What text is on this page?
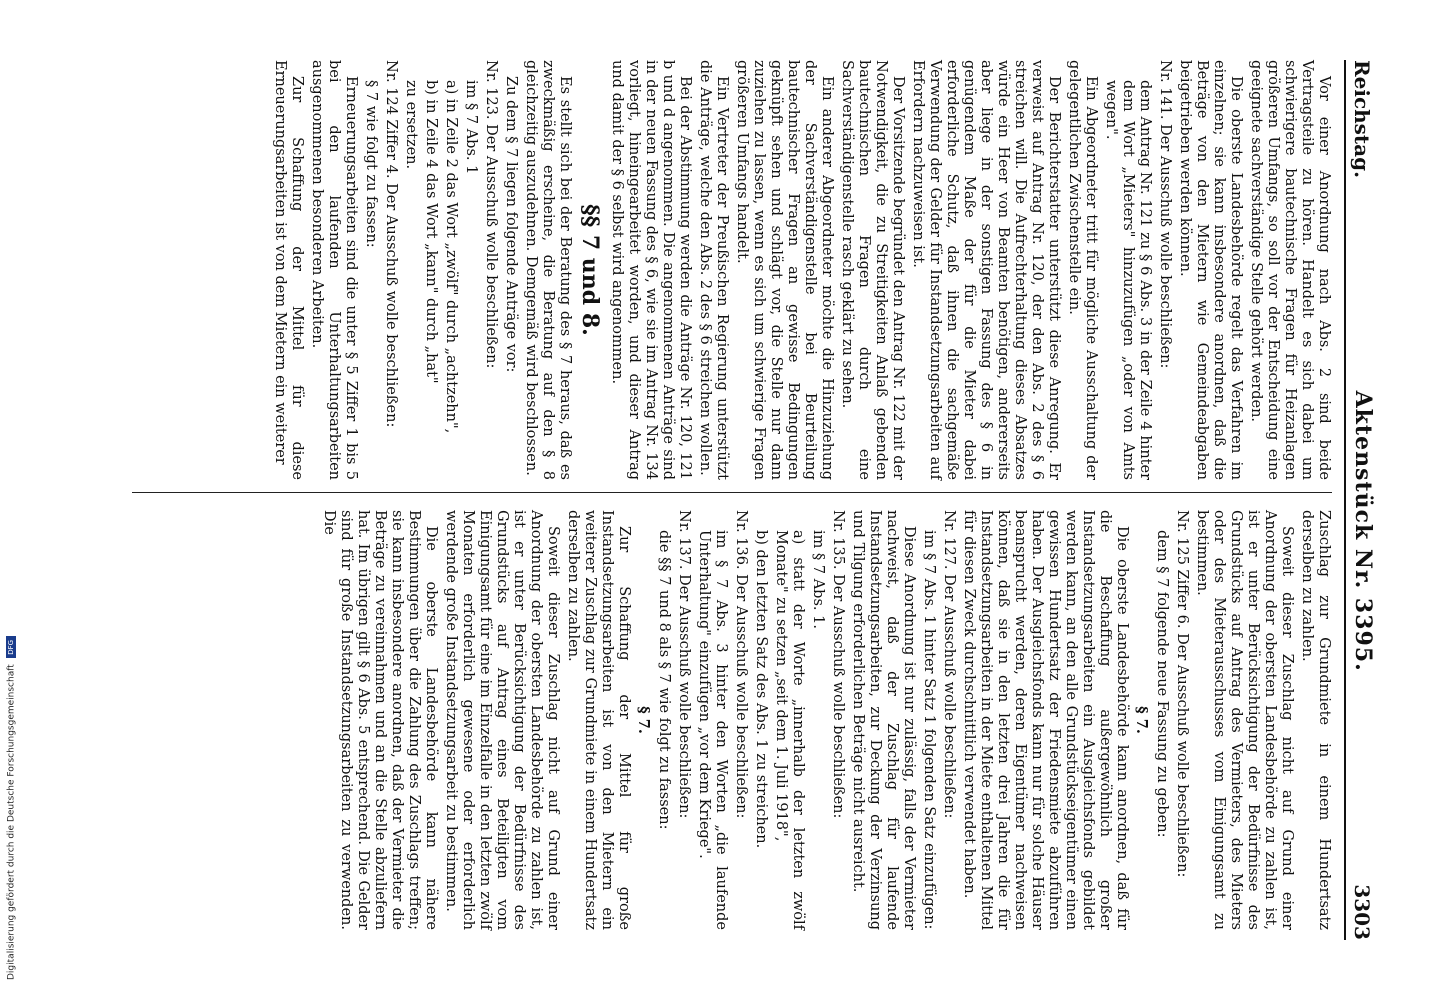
Reichstag.
Aktenstück Nr. 3395.
3303

Vor einer Anordnung nach Abs. 2 sind beide Vertragsteile zu hören. Handelt es sich dabei um schwierigere bautechnische Fragen für Heizanlagen größeren Umfangs, so soll vor der Entscheidung eine geeignete sachverständige Stelle gehört werden.

Die oberste Landesbehörde regelt das Verfahren im einzelnen; sie kann insbesondere anordnen, daß die Beträge von den Mietern wie Gemeindeabgaben beigetrieben werden können.

Nr. 141. Der Ausschuß wolle beschließen:

dem Antrag Nr. 121 zu § 6 Abs. 3 in der Zeile 4 hinter dem Wort „Mieters" hinzuzufügen „oder von Amts wegen".

Ein Abgeordneter tritt für mögliche Ausschaltung der gelegentlichen Zwischenstelle ein.

Der Berichterstatter unterstützt diese Anregung. Er verweist auf Antrag Nr. 120, der den Abs. 2 des § 6 streichen will. Die Aufrechterhaltung dieses Absatzes würde ein Heer von Beamten benötigen, andererseits aber liege in der sonstigen Fassung des § 6 in genügendem Maße der für die Mieter dabei erforderliche Schutz, daß ihnen die sachgemäße Verwendung der Gelder für Instandsetzungsarbeiten auf Erfordern nachzuweisen ist.

Der Vorsitzende begründet den Antrag Nr. 122 mit der Notwendigkeit, die zu Streitigkeiten Anlaß gebenden bautechnischen Fragen durch eine Sachverständigenstelle rasch geklärt zu sehen.

Ein anderer Abgeordneter möchte die Hinzuziehung der Sachverständigenstelle bei Beurteilung bautechnischer Fragen an gewisse Bedingungen geknüpft sehen und schlägt vor, die Stelle nur dann zuziehen zu lassen, wenn es sich um schwierige Fragen größeren Umfangs handelt.

Ein Vertreter der Preußischen Regierung unterstützt die Anträge, welche den Abs. 2 des § 6 streichen wollen.

Bei der Abstimmung werden die Anträge Nr. 120, 121 b und d angenommen. Die angenommenen Anträge sind in der neuen Fassung des § 6, wie sie im Antrag Nr. 134 vorliegt, hineingearbeitet worden, und dieser Antrag und damit der § 6 selbst wird angenommen.

§§ 7 und 8.

Es stellt sich bei der Beratung des § 7 heraus, daß es zweckmäßig erscheine, die Beratung auf den § 8 gleichzeitig auszudehnen. Demgemäß wird beschlossen.

Zu dem § 7 liegen folgende Anträge vor:

Nr. 123. Der Ausschuß wolle beschließen:

im § 7 Abs. 1

a) in Zeile 2 das Wort „zwölf" durch „achtzehn",

b) in Zeile 4 das Wort „kann" durch „hat"

zu ersetzen.

Nr. 124 Ziffer 4. Der Ausschuß wolle beschließen:

§ 7 wie folgt zu fassen:

Erneuerungsarbeiten sind die unter § 5 Ziffer 1 bis 5 bei den laufenden Unterhaltungsarbeiten ausgenommenen besonderen Arbeiten.

Zur Schaffung der Mittel für diese Erneuerungsarbeiten ist von dem Mietern ein weiterer

Zuschlag zur Grundmiete in einem Hundertsatz derselben zu zahlen.

Soweit dieser Zuschlag nicht auf Grund einer Anordnung der obersten Landesbehörde zu zahlen ist, ist er unter Berücksichtigung der Bedürfnisse des Grundstücks auf Antrag des Vermieters, des Mieters oder des Mieterausschusses vom Einigungsamt zu bestimmen.

Nr. 125 Ziffer 6. Der Ausschuß wolle beschließen:

dem § 7 folgende neue Fassung zu geben:

§ 7.

Die oberste Landesbehörde kann anordnen, daß für die Beschaffung außergewöhnlich großer Instandsetzungsarbeiten ein Ausgleichsfonds gebildet werden kann, an den alle Grundstückseigentümer einen gewissen Hundertsatz der Friedensmiete abzuführen haben. Der Ausgleichsfonds kann nur für solche Häuser beansprucht werden, deren Eigentümer nachweisen können, daß sie in den letzten drei Jahren die für Instandsetzungsarbeiten in der Miete enthaltenen Mittel für diesen Zweck durchschnittlich verwendet haben.

Nr. 127. Der Ausschuß wolle beschließen:

im § 7 Abs. 1 hinter Satz 1 folgenden Satz einzufügen:

Diese Anordnung ist nur zulässig, falls der Vermieter nachweist, daß der Zuschlag für laufende Instandsetzungsarbeiten, zur Deckung der Verzinsung und Tilgung erforderlichen Beträge nicht ausreicht.

Nr. 135. Der Ausschuß wolle beschließen:

im § 7 Abs. 1.

a) statt der Worte „innerhalb der letzten zwölf Monate" zu setzen „seit dem 1. Juli 1918",

b) den letzten Satz des Abs. 1 zu streichen.

Nr. 136. Der Ausschuß wolle beschließen:

im § 7 Abs. 3 hinter den Worten „die laufende Unterhaltung" einzufügen „vor dem Kriege".

Nr. 137. Der Ausschuß wolle beschließen:

die §§ 7 und 8 als § 7 wie folgt zu fassen:

§ 7.

Zur Schaffung der Mittel für große Instandsetzungsarbeiten ist von den Mietern ein weiterer Zuschlag zur Grundmiete in einem Hundertsatz derselben zu zahlen.

Soweit dieser Zuschlag nicht auf Grund einer Anordnung der obersten Landesbehörde zu zahlen ist, ist er unter Berücksichtigung der Bedürfnisse des Grundstücks auf Antrag eines Beteiligten vom Einigungsamt für eine im Einzelfalle in den letzten zwölf Monaten erforderlich gewesene oder erforderlich werdende große Instandsetzungsarbeit zu bestimmen.

Die oberste Landesbehörde kann nähere Bestimmungen über die Zahlung des Zuschlags treffen; sie kann insbesondere anordnen, daß der Vermieter die Beträge zu vereinnahmen und an die Stelle abzuliefern hat. Im übrigen gilt § 6 Abs. 5 entsprechend. Die Gelder sind für große Instandsetzungsarbeiten zu verwenden. Die

Digitalisierung gefördert durch die Deutsche Forschungsgemeinschaft DFG
